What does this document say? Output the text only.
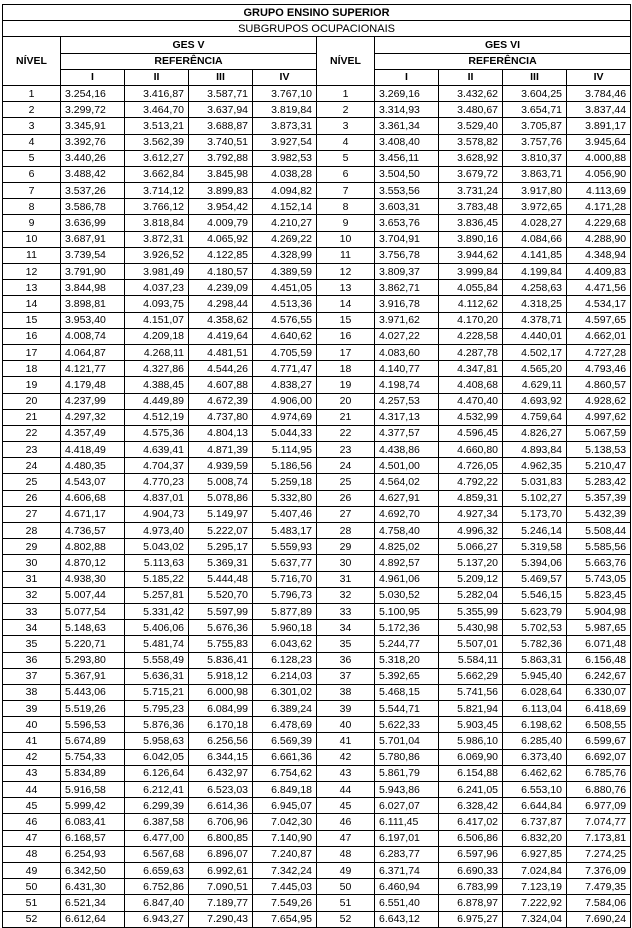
GRUPO ENSINO SUPERIOR									
SUBGRUPOS OCUPACIONAIS									
NÍVEL	GES V				NÍVEL	GES VI			
	REFERÊNCIA					REFERÊNCIA			
	I	II	III	IV		I	II	III	IV
1	3.254,16	3.416,87	3.587,71	3.767,10	1	3.269,16	3.432,62	3.604,25	3.784,46
2	3.299,72	3.464,70	3.637,94	3.819,84	2	3.314,93	3.480,67	3.654,71	3.837,44
3	3.345,91	3.513,21	3.688,87	3.873,31	3	3.361,34	3.529,40	3.705,87	3.891,17
4	3.392,76	3.562,39	3.740,51	3.927,54	4	3.408,40	3.578,82	3.757,76	3.945,64
5	3.440,26	3.612,27	3.792,88	3.982,53	5	3.456,11	3.628,92	3.810,37	4.000,88
6	3.488,42	3.662,84	3.845,98	4.038,28	6	3.504,50	3.679,72	3.863,71	4.056,90
7	3.537,26	3.714,12	3.899,83	4.094,82	7	3.553,56	3.731,24	3.917,80	4.113,69
8	3.586,78	3.766,12	3.954,42	4.152,14	8	3.603,31	3.783,48	3.972,65	4.171,28
9	3.636,99	3.818,84	4.009,79	4.210,27	9	3.653,76	3.836,45	4.028,27	4.229,68
10	3.687,91	3.872,31	4.065,92	4.269,22	10	3.704,91	3.890,16	4.084,66	4.288,90
11	3.739,54	3.926,52	4.122,85	4.328,99	11	3.756,78	3.944,62	4.141,85	4.348,94
12	3.791,90	3.981,49	4.180,57	4.389,59	12	3.809,37	3.999,84	4.199,84	4.409,83
13	3.844,98	4.037,23	4.239,09	4.451,05	13	3.862,71	4.055,84	4.258,63	4.471,56
14	3.898,81	4.093,75	4.298,44	4.513,36	14	3.916,78	4.112,62	4.318,25	4.534,17
15	3.953,40	4.151,07	4.358,62	4.576,55	15	3.971,62	4.170,20	4.378,71	4.597,65
16	4.008,74	4.209,18	4.419,64	4.640,62	16	4.027,22	4.228,58	4.440,01	4.662,01
17	4.064,87	4.268,11	4.481,51	4.705,59	17	4.083,60	4.287,78	4.502,17	4.727,28
18	4.121,77	4.327,86	4.544,26	4.771,47	18	4.140,77	4.347,81	4.565,20	4.793,46
19	4.179,48	4.388,45	4.607,88	4.838,27	19	4.198,74	4.408,68	4.629,11	4.860,57
20	4.237,99	4.449,89	4.672,39	4.906,00	20	4.257,53	4.470,40	4.693,92	4.928,62
21	4.297,32	4.512,19	4.737,80	4.974,69	21	4.317,13	4.532,99	4.759,64	4.997,62
22	4.357,49	4.575,36	4.804,13	5.044,33	22	4.377,57	4.596,45	4.826,27	5.067,59
23	4.418,49	4.639,41	4.871,39	5.114,95	23	4.438,86	4.660,80	4.893,84	5.138,53
24	4.480,35	4.704,37	4.939,59	5.186,56	24	4.501,00	4.726,05	4.962,35	5.210,47
25	4.543,07	4.770,23	5.008,74	5.259,18	25	4.564,02	4.792,22	5.031,83	5.283,42
26	4.606,68	4.837,01	5.078,86	5.332,80	26	4.627,91	4.859,31	5.102,27	5.357,39
27	4.671,17	4.904,73	5.149,97	5.407,46	27	4.692,70	4.927,34	5.173,70	5.432,39
28	4.736,57	4.973,40	5.222,07	5.483,17	28	4.758,40	4.996,32	5.246,14	5.508,44
29	4.802,88	5.043,02	5.295,17	5.559,93	29	4.825,02	5.066,27	5.319,58	5.585,56
30	4.870,12	5.113,63	5.369,31	5.637,77	30	4.892,57	5.137,20	5.394,06	5.663,76
31	4.938,30	5.185,22	5.444,48	5.716,70	31	4.961,06	5.209,12	5.469,57	5.743,05
32	5.007,44	5.257,81	5.520,70	5.796,73	32	5.030,52	5.282,04	5.546,15	5.823,45
33	5.077,54	5.331,42	5.597,99	5.877,89	33	5.100,95	5.355,99	5.623,79	5.904,98
34	5.148,63	5.406,06	5.676,36	5.960,18	34	5.172,36	5.430,98	5.702,53	5.987,65
35	5.220,71	5.481,74	5.755,83	6.043,62	35	5.244,77	5.507,01	5.782,36	6.071,48
36	5.293,80	5.558,49	5.836,41	6.128,23	36	5.318,20	5.584,11	5.863,31	6.156,48
37	5.367,91	5.636,31	5.918,12	6.214,03	37	5.392,65	5.662,29	5.945,40	6.242,67
38	5.443,06	5.715,21	6.000,98	6.301,02	38	5.468,15	5.741,56	6.028,64	6.330,07
39	5.519,26	5.795,23	6.084,99	6.389,24	39	5.544,71	5.821,94	6.113,04	6.418,69
40	5.596,53	5.876,36	6.170,18	6.478,69	40	5.622,33	5.903,45	6.198,62	6.508,55
41	5.674,89	5.958,63	6.256,56	6.569,39	41	5.701,04	5.986,10	6.285,40	6.599,67
42	5.754,33	6.042,05	6.344,15	6.661,36	42	5.780,86	6.069,90	6.373,40	6.692,07
43	5.834,89	6.126,64	6.432,97	6.754,62	43	5.861,79	6.154,88	6.462,62	6.785,76
44	5.916,58	6.212,41	6.523,03	6.849,18	44	5.943,86	6.241,05	6.553,10	6.880,76
45	5.999,42	6.299,39	6.614,36	6.945,07	45	6.027,07	6.328,42	6.644,84	6.977,09
46	6.083,41	6.387,58	6.706,96	7.042,30	46	6.111,45	6.417,02	6.737,87	7.074,77
47	6.168,57	6.477,00	6.800,85	7.140,90	47	6.197,01	6.506,86	6.832,20	7.173,81
48	6.254,93	6.567,68	6.896,07	7.240,87	48	6.283,77	6.597,96	6.927,85	7.274,25
49	6.342,50	6.659,63	6.992,61	7.342,24	49	6.371,74	6.690,33	7.024,84	7.376,09
50	6.431,30	6.752,86	7.090,51	7.445,03	50	6.460,94	6.783,99	7.123,19	7.479,35
51	6.521,34	6.847,40	7.189,77	7.549,26	51	6.551,40	6.878,97	7.222,92	7.584,06
52	6.612,64	6.943,27	7.290,43	7.654,95	52	6.643,12	6.975,27	7.324,04	7.690,24
